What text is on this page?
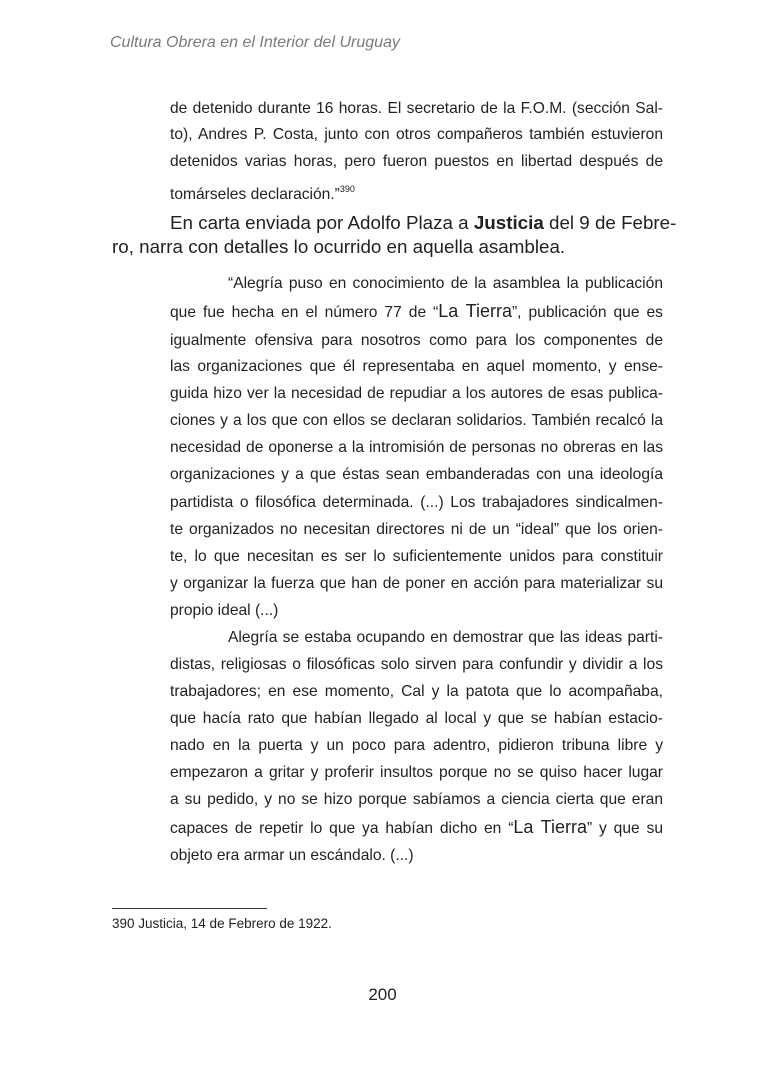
Cultura Obrera en el Interior del Uruguay

de detenido durante 16 horas. El secretario de la F.O.M. (sección Sal-

to), Andres P. Costa, junto con otros compañeros también estuvieron

detenidos varias horas, pero fueron puestos en libertad después de

tomárseles declaración.”$^{390}$

En carta enviada por Adolfo Plaza a Justicia del 9 de Febre-

ro, narra con detalles lo ocurrido en aquella asamblea.

“Alegría puso en conocimiento de la asamblea la publicación

que fue hecha en el número 77 de “La Tierra”, publicación que es

igualmente ofensiva para nosotros como para los componentes de

las organizaciones que él representaba en aquel momento, y ense-

guida hizo ver la necesidad de repudiar a los autores de esas publica-

ciones y a los que con ellos se declaran solidarios. También recalcó la

necesidad de oponerse a la intromisión de personas no obreras en las

organizaciones y a que éstas sean embanderadas con una ideología

partidista o filosófica determinada. (...) Los trabajadores sindicalmen-

te organizados no necesitan directores ni de un “ideal” que los orien-

te, lo que necesitan es ser lo suficientemente unidos para constituir

y organizar la fuerza que han de poner en acción para materializar su

propio ideal (...)

Alegría se estaba ocupando en demostrar que las ideas parti-

distas, religiosas o filosóficas solo sirven para confundir y dividir a los

trabajadores; en ese momento, Cal y la patota que lo acompañaba,

que hacía rato que habían llegado al local y que se habían estacio-

nado en la puerta y un poco para adentro, pidieron tribuna libre y

empezaron a gritar y proferir insultos porque no se quiso hacer lugar

a su pedido, y no se hizo porque sabíamos a ciencia cierta que eran

capaces de repetir lo que ya habían dicho en “La Tierra” y que su

objeto era armar un escándalo. (...)

390 Justicia, 14 de Febrero de 1922.

200
